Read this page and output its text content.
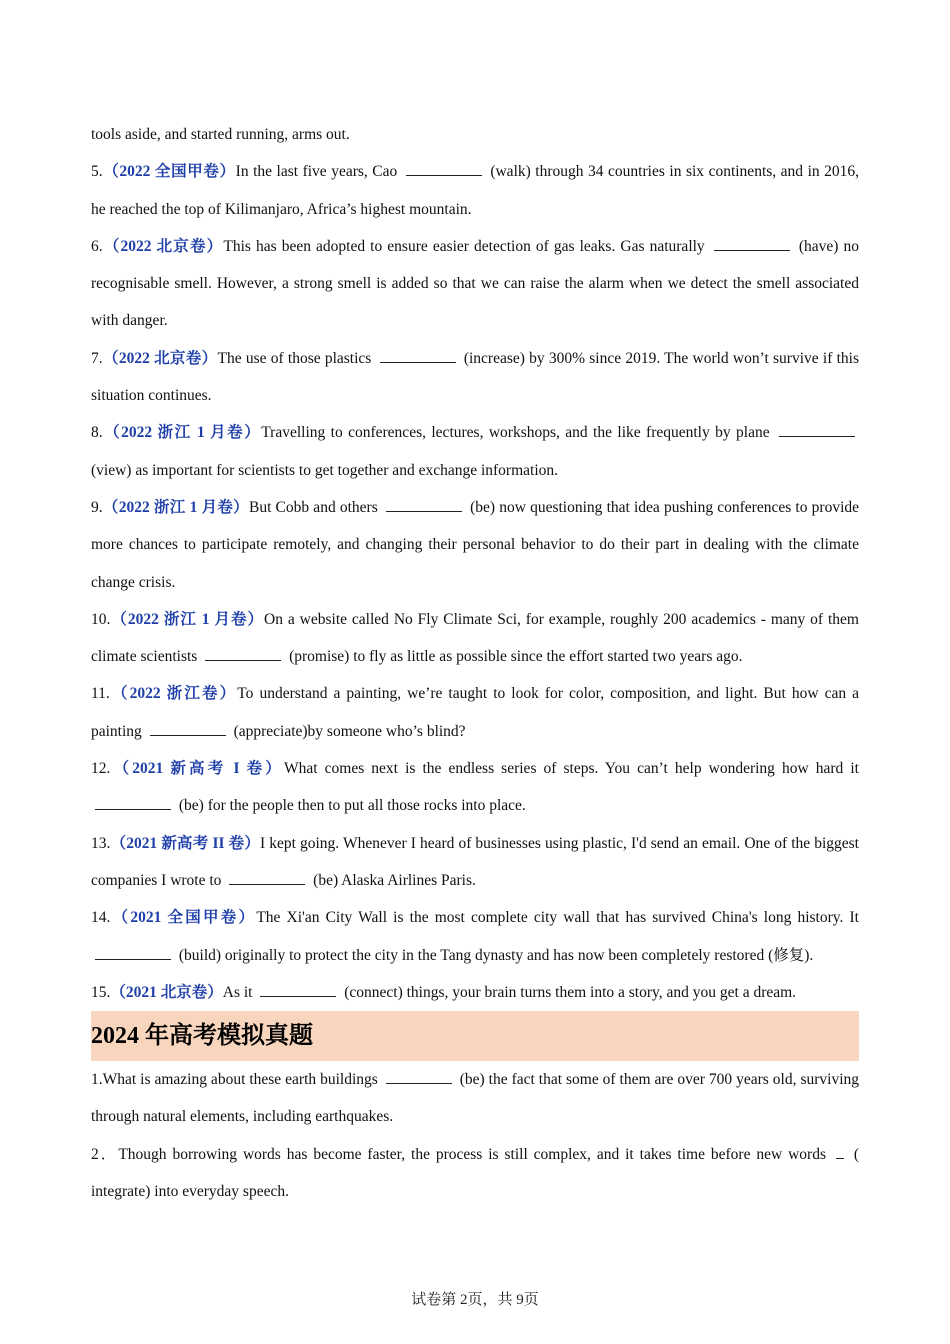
tools aside, and started running, arms out.

5.（2022 全国甲卷）In the last five years, Cao	(walk) through 34 countries in six continents, and in 2016, he reached the top of Kilimanjaro, Africa’s highest mountain.

6.（2022 北京卷）This has been adopted to ensure easier detection of gas leaks. Gas naturally	(have) no recognisable smell. However, a strong smell is added so that we can raise the alarm when we detect the smell associated with danger.

7.（2022 北京卷）The use of those plastics	(increase) by 300% since 2019. The world won’t survive if this situation continues.

8.（2022 浙江 1 月卷）Travelling to conferences, lectures, workshops, and the like frequently by plane  (view) as important for scientists to get together and exchange information.

9.（2022 浙江 1 月卷）But Cobb and others	(be) now questioning that idea pushing conferences to provide more chances to participate remotely, and changing their personal behavior to do their part in dealing with the climate change crisis.

10.（2022 浙江 1 月卷）On a website called No Fly Climate Sci, for example, roughly 200 academics - many of them climate scientists	(promise) to fly as little as possible since the effort started two years ago.

11.（2022 浙江卷）To understand a painting, we’re taught to look for color, composition, and light. But how can a painting	(appreciate)by someone who’s blind?

12.（2021 新高考 I 卷）What comes next is the endless series of steps. You can’t help wondering how hard it  (be) for the people then to put all those rocks into place.

13.（2021 新高考 II 卷）I kept going. Whenever I heard of businesses using plastic, I'd send an email. One of the biggest companies I wrote to	(be) Alaska Airlines Paris.

14.（2021 全国甲卷）The Xi'an City Wall is the most complete city wall that has survived China's long history. It  (build) originally to protect the city in the Tang dynasty and has now been completely restored (修复).

15.（2021 北京卷）As it	(connect) things, your brain turns them into a story, and you get a dream.

2024 年高考模拟真题

1.What is amazing about these earth buildings	(be) the fact that some of them are over 700 years old, surviving through natural elements, including earthquakes.

2．Though borrowing words has become faster, the process is still complex, and it takes time before new words ( integrate) into everyday speech.

试卷第 2页，共 9页
